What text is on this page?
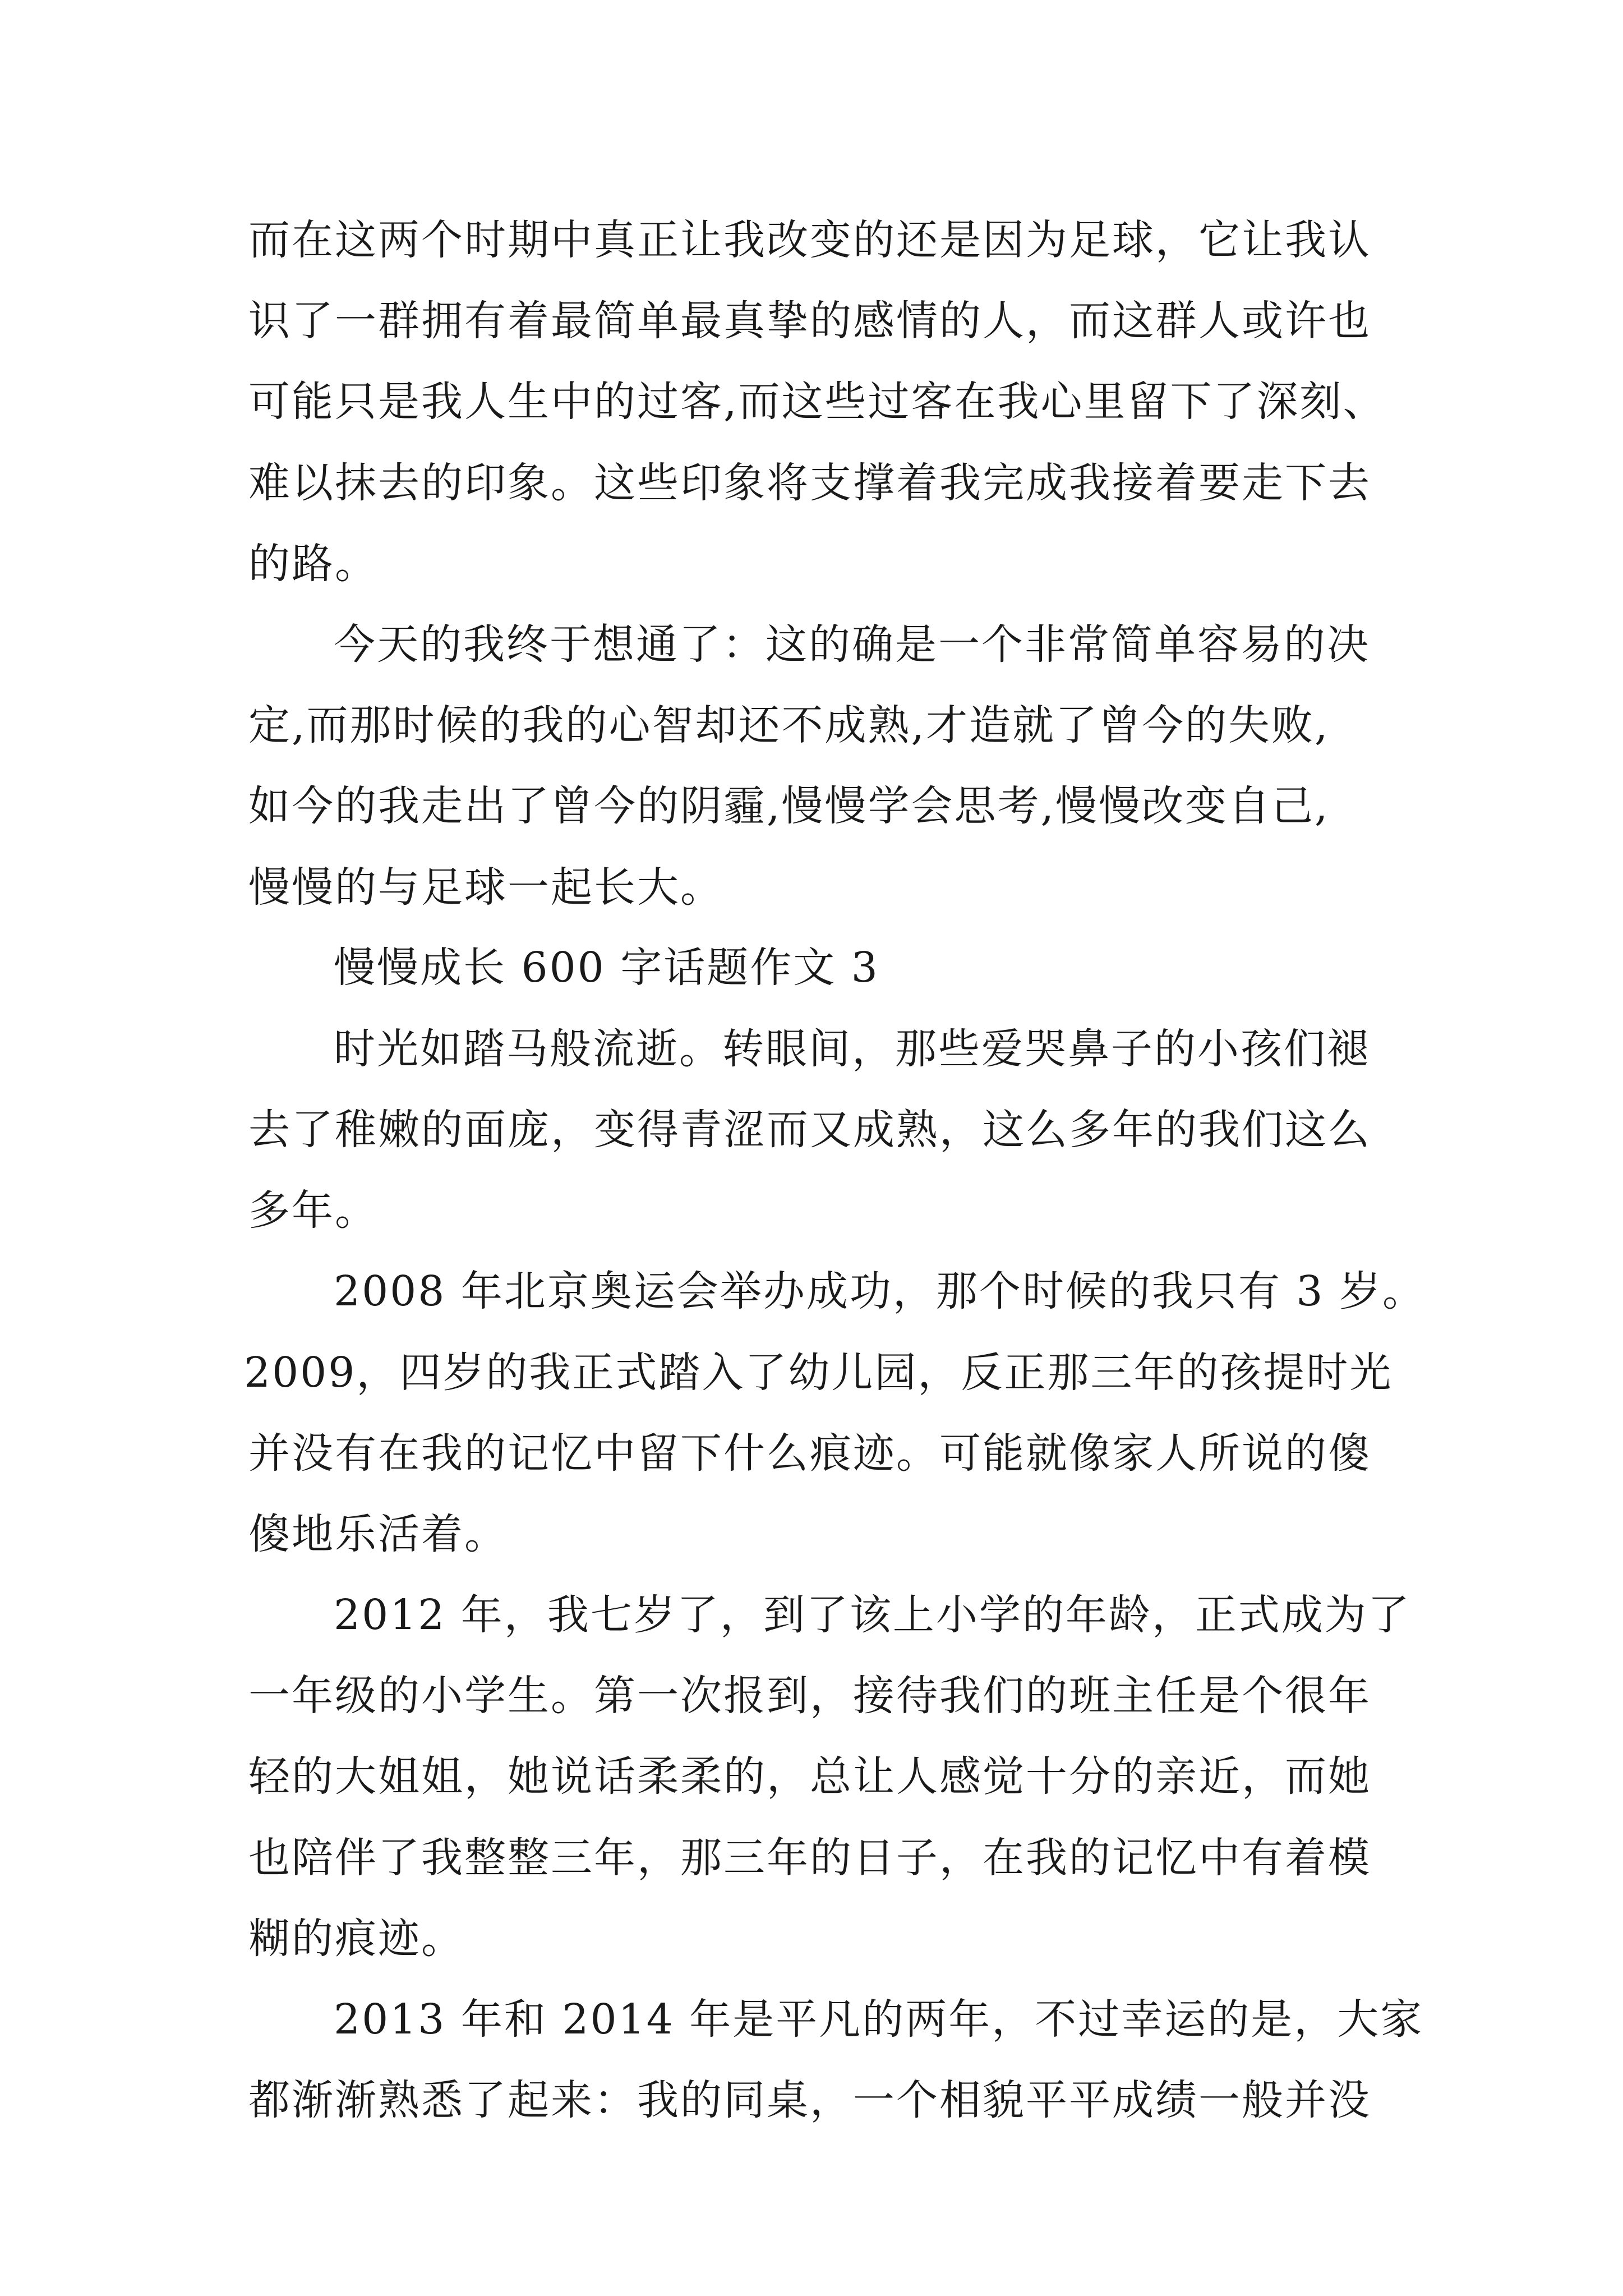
而在这两个时期中真正让我改变的还是因为足球，它让我认
识了一群拥有着最简单最真挚的感情的人，而这群人或许也
可能只是我人生中的过客,而这些过客在我心里留下了深刻、
难以抹去的印象。这些印象将支撑着我完成我接着要走下去
的路。
今天的我终于想通了：这的确是一个非常简单容易的决
定,而那时候的我的心智却还不成熟,才造就了曾今的失败,
如今的我走出了曾今的阴霾,慢慢学会思考,慢慢改变自己,
慢慢的与足球一起长大。
慢慢成长 600 字话题作文 3
时光如踏马般流逝。转眼间，那些爱哭鼻子的小孩们褪
去了稚嫩的面庞，变得青涩而又成熟，这么多年的我们这么
多年。
2008 年北京奥运会举办成功，那个时候的我只有 3 岁。
2009，四岁的我正式踏入了幼儿园，反正那三年的孩提时光
并没有在我的记忆中留下什么痕迹。可能就像家人所说的傻
傻地乐活着。
2012 年，我七岁了，到了该上小学的年龄，正式成为了
一年级的小学生。第一次报到，接待我们的班主任是个很年
轻的大姐姐，她说话柔柔的，总让人感觉十分的亲近，而她
也陪伴了我整整三年，那三年的日子，在我的记忆中有着模
糊的痕迹。
2013 年和 2014 年是平凡的两年，不过幸运的是，大家
都渐渐熟悉了起来：我的同桌，一个相貌平平成绩一般并没
